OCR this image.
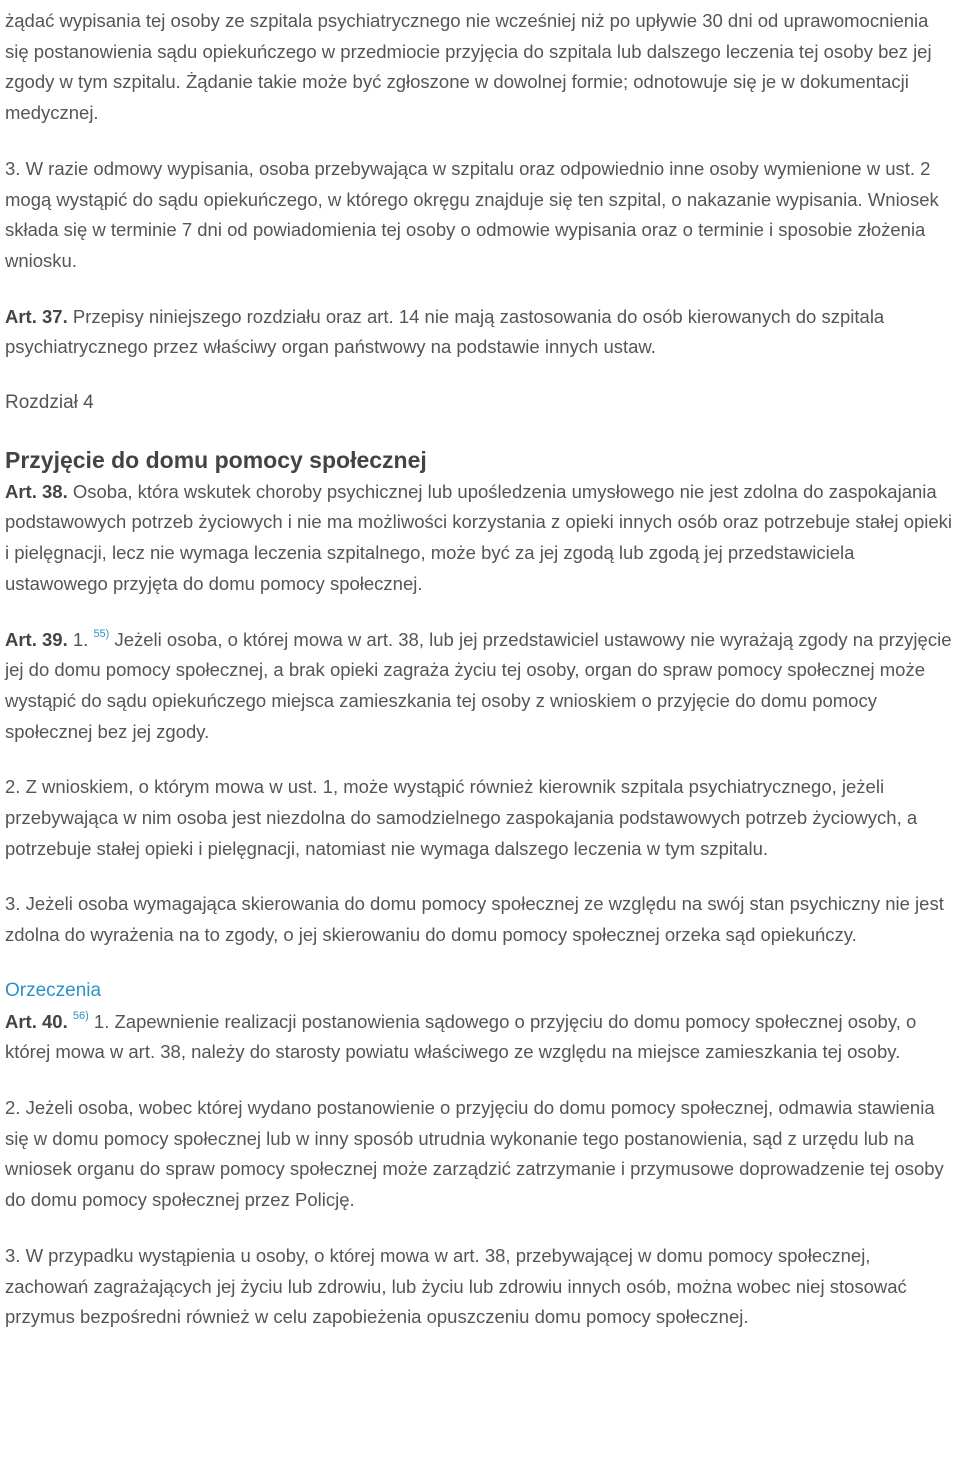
żądać wypisania tej osoby ze szpitala psychiatrycznego nie wcześniej niż po upływie 30 dni od uprawomocnienia się postanowienia sądu opiekuńczego w przedmiocie przyjęcia do szpitala lub dalszego leczenia tej osoby bez jej zgody w tym szpitalu. Żądanie takie może być zgłoszone w dowolnej formie; odnotowuje się je w dokumentacji medycznej.

3. W razie odmowy wypisania, osoba przebywająca w szpitalu oraz odpowiednio inne osoby wymienione w ust. 2 mogą wystąpić do sądu opiekuńczego, w którego okręgu znajduje się ten szpital, o nakazanie wypisania. Wniosek składa się w terminie 7 dni od powiadomienia tej osoby o odmowie wypisania oraz o terminie i sposobie złożenia wniosku.

Art. 37. Przepisy niniejszego rozdziału oraz art. 14 nie mają zastosowania do osób kierowanych do szpitala psychiatrycznego przez właściwy organ państwowy na podstawie innych ustaw.

Rozdział 4

Przyjęcie do domu pomocy społecznej

Art. 38. Osoba, która wskutek choroby psychicznej lub upośledzenia umysłowego nie jest zdolna do zaspokajania podstawowych potrzeb życiowych i nie ma możliwości korzystania z opieki innych osób oraz potrzebuje stałej opieki i pielęgnacji, lecz nie wymaga leczenia szpitalnego, może być za jej zgodą lub zgodą jej przedstawiciela ustawowego przyjęta do domu pomocy społecznej.

Art. 39. 1. $^{55)}$ Jeżeli osoba, o której mowa w art. 38, lub jej przedstawiciel ustawowy nie wyrażają zgody na przyjęcie jej do domu pomocy społecznej, a brak opieki zagraża życiu tej osoby, organ do spraw pomocy społecznej może wystąpić do sądu opiekuńczego miejsca zamieszkania tej osoby z wnioskiem o przyjęcie do domu pomocy społecznej bez jej zgody.

2. Z wnioskiem, o którym mowa w ust. 1, może wystąpić również kierownik szpitala psychiatrycznego, jeżeli przebywająca w nim osoba jest niezdolna do samodzielnego zaspokajania podstawowych potrzeb życiowych, a potrzebuje stałej opieki i pielęgnacji, natomiast nie wymaga dalszego leczenia w tym szpitalu.

3. Jeżeli osoba wymagająca skierowania do domu pomocy społecznej ze względu na swój stan psychiczny nie jest zdolna do wyrażenia na to zgody, o jej skierowaniu do domu pomocy społecznej orzeka sąd opiekuńczy.

Orzeczenia

Art. 40. $^{56)}$ 1. Zapewnienie realizacji postanowienia sądowego o przyjęciu do domu pomocy społecznej osoby, o której mowa w art. 38, należy do starosty powiatu właściwego ze względu na miejsce zamieszkania tej osoby.

2. Jeżeli osoba, wobec której wydano postanowienie o przyjęciu do domu pomocy społecznej, odmawia stawienia się w domu pomocy społecznej lub w inny sposób utrudnia wykonanie tego postanowienia, sąd z urzędu lub na wniosek organu do spraw pomocy społecznej może zarządzić zatrzymanie i przymusowe doprowadzenie tej osoby do domu pomocy społecznej przez Policję.

3. W przypadku wystąpienia u osoby, o której mowa w art. 38, przebywającej w domu pomocy społecznej, zachowań zagrażających jej życiu lub zdrowiu, lub życiu lub zdrowiu innych osób, można wobec niej stosować przymus bezpośredni również w celu zapobieżenia opuszczeniu domu pomocy społecznej.
